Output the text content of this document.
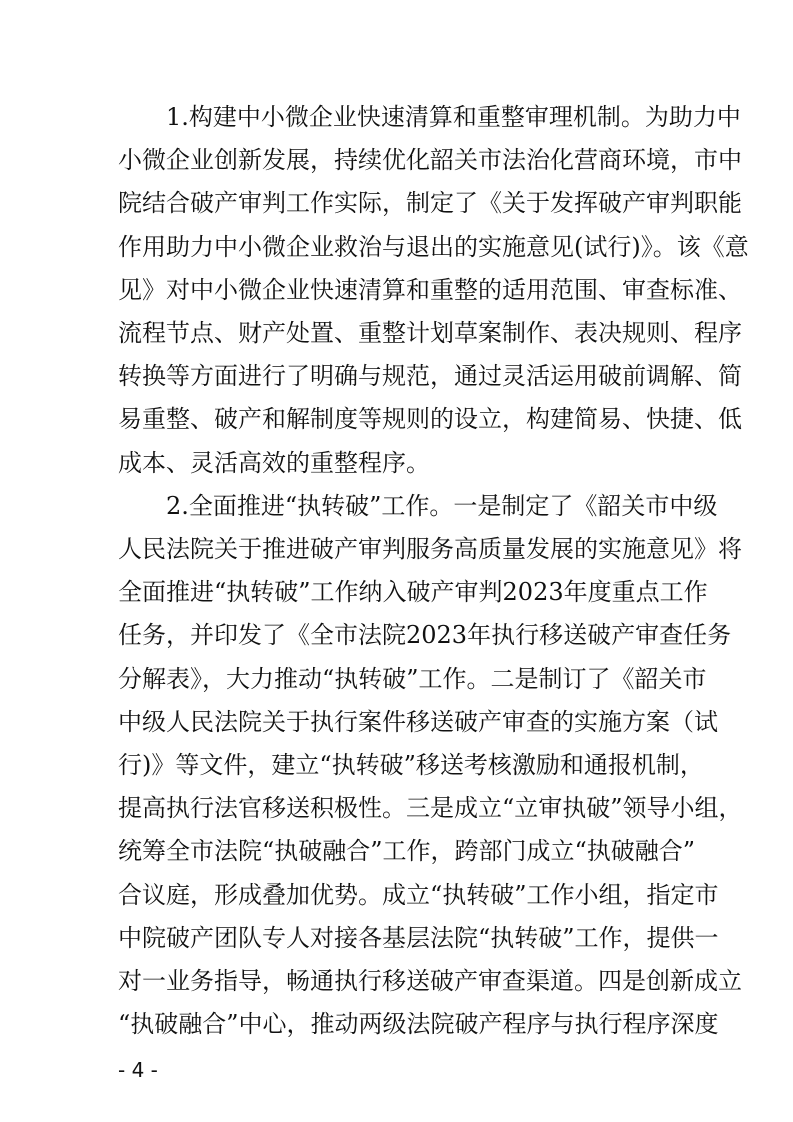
1.构建中小微企业快速清算和重整审理机制。为助力中
小微企业创新发展，持续优化韶关市法治化营商环境，市中
院结合破产审判工作实际，制定了《关于发挥破产审判职能
作用助力中小微企业救治与退出的实施意见(试行)》。该《意
见》对中小微企业快速清算和重整的适用范围、审查标准、
流程节点、财产处置、重整计划草案制作、表决规则、程序
转换等方面进行了明确与规范，通过灵活运用破前调解、简
易重整、破产和解制度等规则的设立，构建简易、快捷、低
成本、灵活高效的重整程序。
2.全面推进“执转破”工作。一是制定了《韶关市中级
人民法院关于推进破产审判服务高质量发展的实施意见》将
全面推进“执转破”工作纳入破产审判2023年度重点工作
任务，并印发了《全市法院2023年执行移送破产审查任务
分解表》，大力推动“执转破”工作。二是制订了《韶关市
中级人民法院关于执行案件移送破产审查的实施方案（试
行)》等文件，建立“执转破”移送考核激励和通报机制，
提高执行法官移送积极性。三是成立“立审执破”领导小组，
统筹全市法院“执破融合”工作，跨部门成立“执破融合”
合议庭，形成叠加优势。成立“执转破”工作小组，指定市
中院破产团队专人对接各基层法院“执转破”工作，提供一
对一业务指导，畅通执行移送破产审查渠道。四是创新成立
“执破融合”中心，推动两级法院破产程序与执行程序深度
- 4 -
